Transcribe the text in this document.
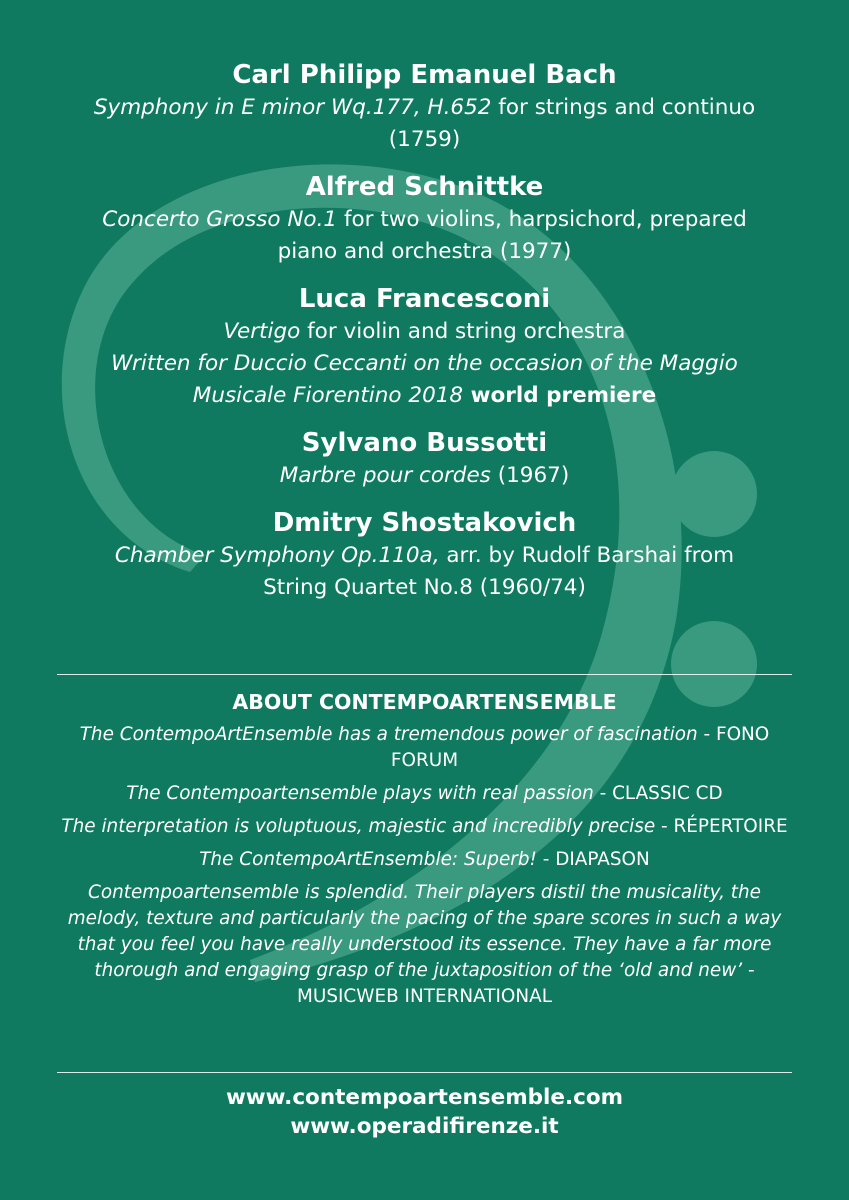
Carl Philipp Emanuel Bach

Symphony in E minor Wq.177, H.652 for strings and continuo

(1759)

Alfred Schnittke

Concerto Grosso No.1 for two violins, harpsichord, prepared

piano and orchestra (1977)

Luca Francesconi

Vertigo for violin and string orchestra

Written for Duccio Ceccanti on the occasion of the Maggio

Musicale Fiorentino 2018 world premiere

Sylvano Bussotti

Marbre pour cordes (1967)

Dmitry Shostakovich

Chamber Symphony Op.110a, arr. by Rudolf Barshai from

String Quartet No.8 (1960/74)

ABOUT CONTEMPOARTENSEMBLE

The ContempoArtEnsemble has a tremendous power of fascination - FONO FORUM

The Contempoartensemble plays with real passion - CLASSIC CD

The interpretation is voluptuous, majestic and incredibly precise - RÉPERTOIRE

The ContempoArtEnsemble: Superb! - DIAPASON

Contempoartensemble is splendid. Their players distil the musicality, the melody, texture and particularly the pacing of the spare scores in such a way that you feel you have really understood its essence. They have a far more thorough and engaging grasp of the juxtaposition of the ‘old and new’ - MUSICWEB INTERNATIONAL

www.contempoartensemble.com

www.operadifirenze.it
